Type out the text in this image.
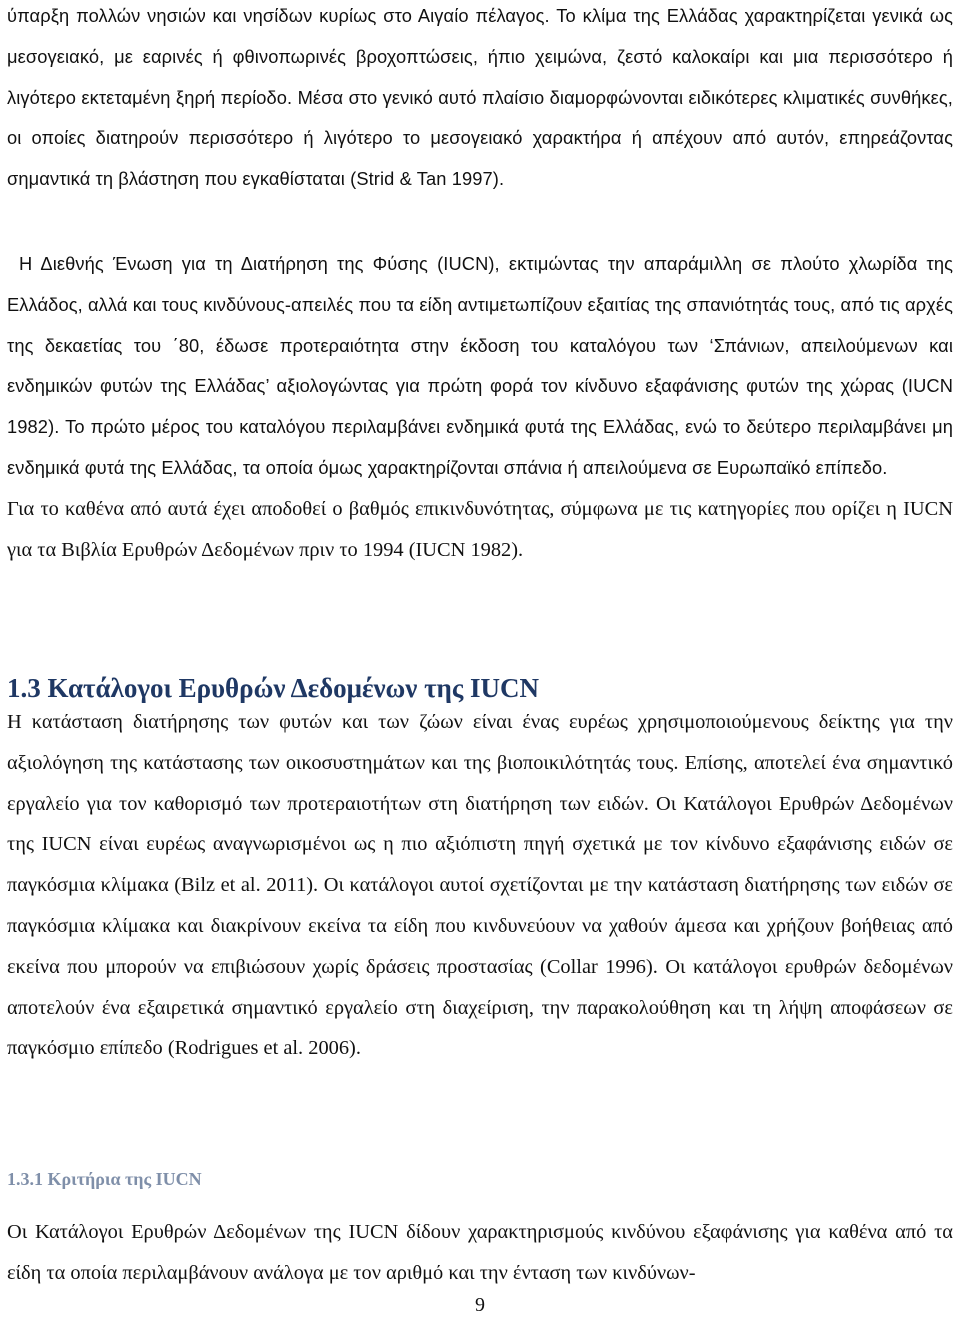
ύπαρξη πολλών νησιών και νησίδων κυρίως στο Αιγαίο πέλαγος. Το κλίμα της Ελλάδας χαρακτηρίζεται γενικά ως μεσογειακό, με εαρινές ή φθινοπωρινές βροχοπτώσεις, ήπιο χειμώνα, ζεστό καλοκαίρι και μια περισσότερο ή λιγότερο εκτεταμένη ξηρή περίοδο. Μέσα στο γενικό αυτό πλαίσιο διαμορφώνονται ειδικότερες κλιματικές συνθήκες, οι οποίες διατηρούν περισσότερο ή λιγότερο το μεσογειακό χαρακτήρα ή απέχουν από αυτόν, επηρεάζοντας σημαντικά τη βλάστηση που εγκαθίσταται (Strid & Tan 1997).

Η Διεθνής Ένωση για τη Διατήρηση της Φύσης (IUCN), εκτιμώντας την απαράμιλλη σε πλούτο χλωρίδα της Ελλάδος, αλλά και τους κινδύνους-απειλές που τα είδη αντιμετωπίζουν εξαιτίας της σπανιότητάς τους, από τις αρχές της δεκαετίας του ΄80, έδωσε προτεραιότητα στην έκδοση του καταλόγου των ‘Σπάνιων, απειλούμενων και ενδημικών φυτών της Ελλάδας’ αξιολογώντας για πρώτη φορά τον κίνδυνο εξαφάνισης φυτών της χώρας (IUCN 1982). Το πρώτο μέρος του καταλόγου περιλαμβάνει ενδημικά φυτά της Ελλάδας, ενώ το δεύτερο περιλαμβάνει μη ενδημικά φυτά της Ελλάδας, τα οποία όμως χαρακτηρίζονται σπάνια ή απειλούμενα σε Ευρωπαϊκό επίπεδο.

Για το καθένα από αυτά έχει αποδοθεί ο βαθμός επικινδυνότητας, σύμφωνα με τις κατηγορίες που ορίζει η IUCN για τα Βιβλία Ερυθρών Δεδομένων πριν το 1994 (IUCN 1982).

1.3 Κατάλογοι Ερυθρών Δεδομένων της IUCN

Η κατάσταση διατήρησης των φυτών και των ζώων είναι ένας ευρέως χρησιμοποιούμενους δείκτης για την αξιολόγηση της κατάστασης των οικοσυστημάτων και της βιοποικιλότητάς τους. Επίσης, αποτελεί ένα σημαντικό εργαλείο για τον καθορισμό των προτεραιοτήτων στη διατήρηση των ειδών. Οι Κατάλογοι Ερυθρών Δεδομένων της IUCN είναι ευρέως αναγνωρισμένοι ως η πιο αξιόπιστη πηγή σχετικά με τον κίνδυνο εξαφάνισης ειδών σε παγκόσμια κλίμακα (Bilz et al. 2011). Οι κατάλογοι αυτοί σχετίζονται με την κατάσταση διατήρησης των ειδών σε παγκόσμια κλίμακα και διακρίνουν εκείνα τα είδη που κινδυνεύουν να χαθούν άμεσα και χρήζουν βοήθειας από εκείνα που μπορούν να επιβιώσουν χωρίς δράσεις προστασίας (Collar 1996). Οι κατάλογοι ερυθρών δεδομένων αποτελούν ένα εξαιρετικά σημαντικό εργαλείο στη διαχείριση, την παρακολούθηση και τη λήψη αποφάσεων σε παγκόσμιο επίπεδο (Rodrigues et al. 2006).

1.3.1 Κριτήρια της IUCN

Οι Κατάλογοι Ερυθρών Δεδομένων της IUCN δίδουν χαρακτηρισμούς κινδύνου εξαφάνισης για καθένα από τα είδη τα οποία περιλαμβάνουν ανάλογα με τον αριθμό και την ένταση των κινδύνων-

9
